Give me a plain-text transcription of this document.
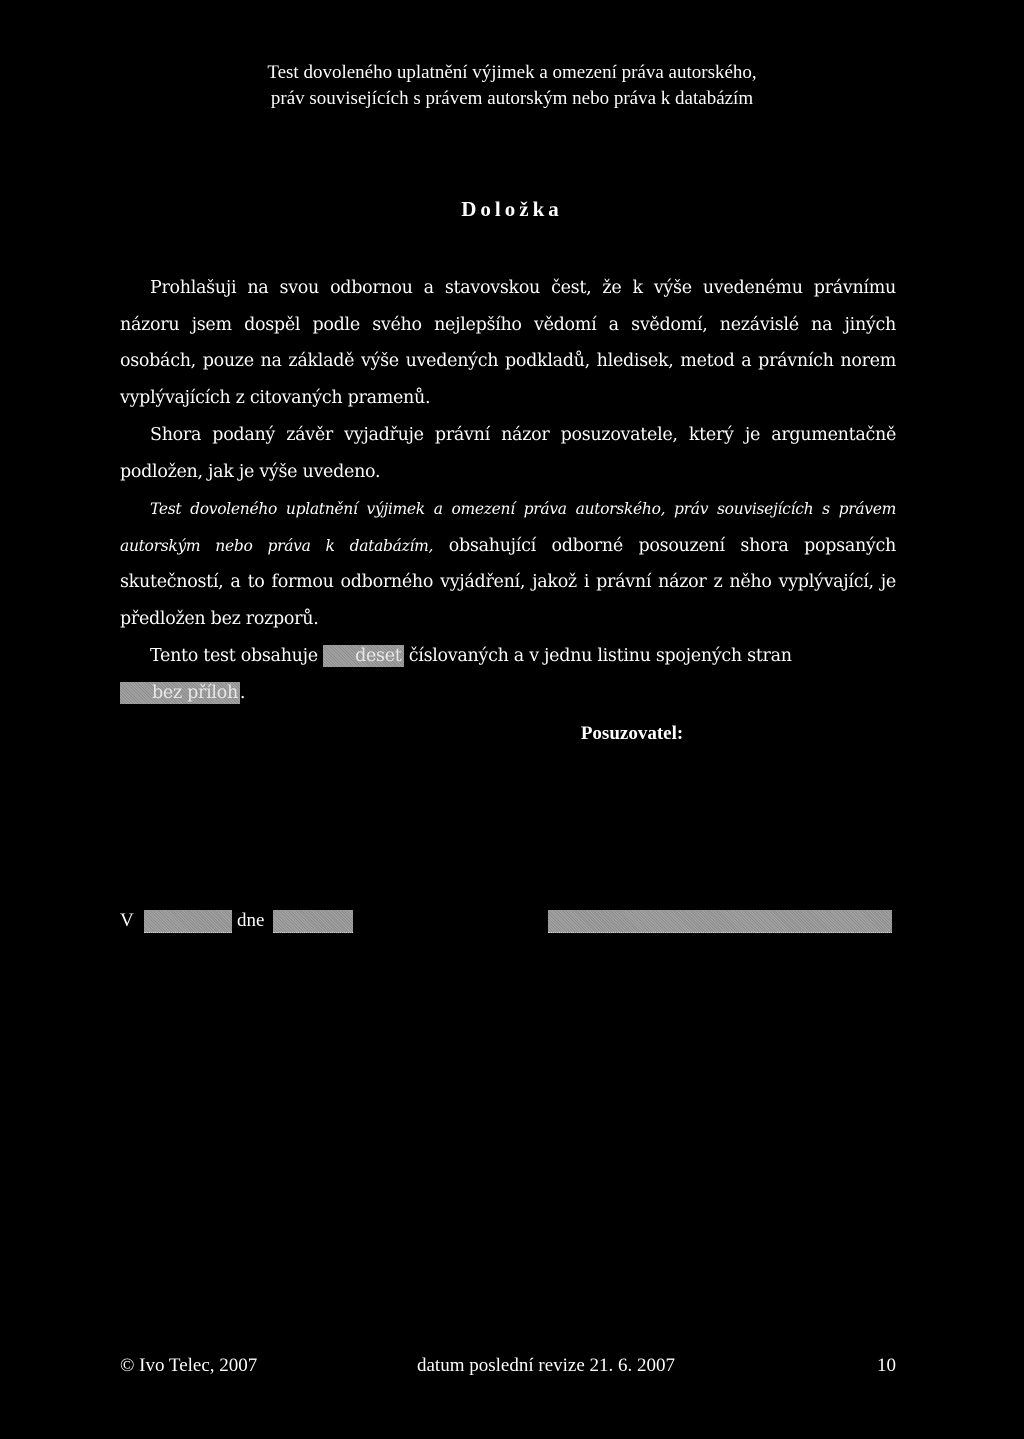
Test dovoleného uplatnění výjimek a omezení práva autorského,
práv souvisejících s právem autorským nebo práva k databázím
Doložka

Prohlašuji na svou odbornou a stavovskou čest, že k výše uvedenému právnímu názoru jsem dospěl podle svého nejlepšího vědomí a svědomí, nezávislé na jiných osobách, pouze na základě výše uvedených podkladů, hledisek, metod a právních norem vyplývajících z citovaných pramenů.

Shora podaný závěr vyjadřuje právní názor posuzovatele, který je argumentačně podložen, jak je výše uvedeno.

Test dovoleného uplatnění výjimek a omezení práva autorského, práv souvisejících s právem autorským nebo práva k databázím, obsahující odborné posouzení shora popsaných skutečností, a to formou odborného vyjádření, jakož i právní názor z něho vyplývající, je předložen bez rozporů.

Tento test obsahuje deset číslovaných a v jednu listinu spojených stran bez příloh .

Posuzovatel:
V	dne
© Ivo Telec, 2007	datum poslední revize 21. 6. 2007	10
